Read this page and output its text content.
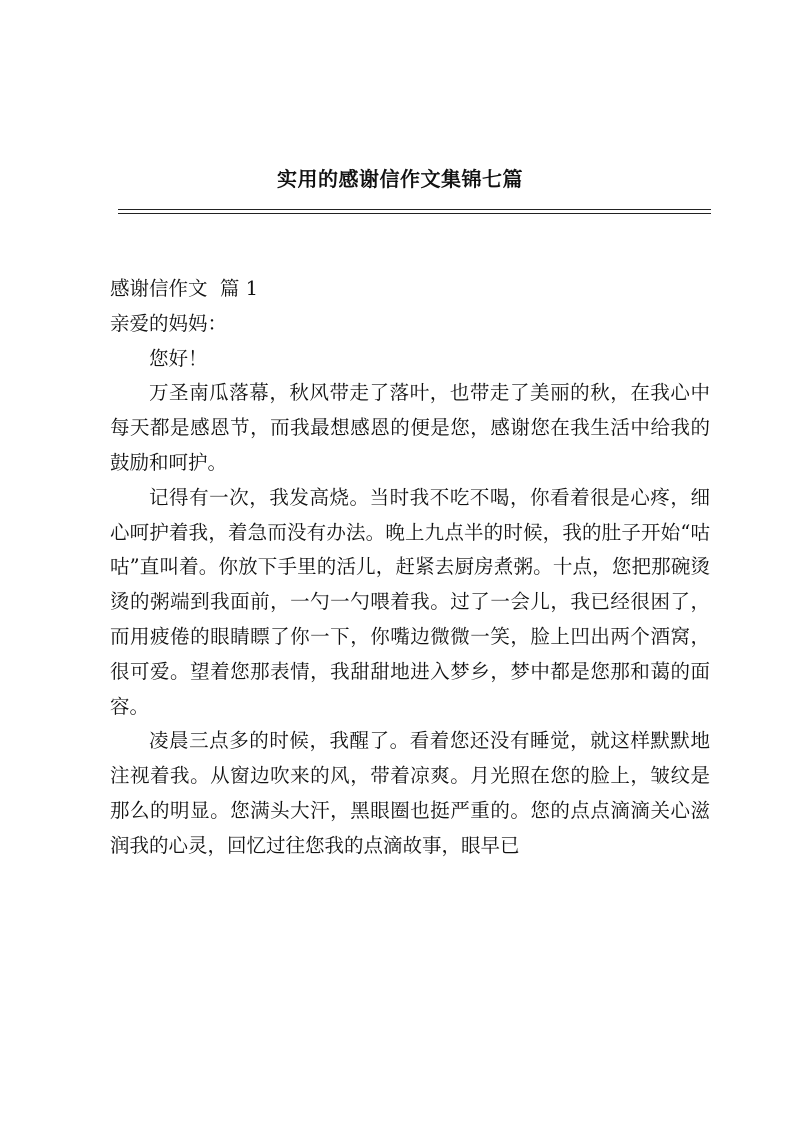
实用的感谢信作文集锦七篇

感谢信作文  篇 1

亲爱的妈妈：

您好！

万圣南瓜落幕，秋风带走了落叶，也带走了美丽的秋，在我心中每天都是感恩节，而我最想感恩的便是您，感谢您在我生活中给我的鼓励和呵护。

记得有一次，我发高烧。当时我不吃不喝，你看着很是心疼，细心呵护着我，着急而没有办法。晚上九点半的时候，我的肚子开始“咕咕”直叫着。你放下手里的活儿，赶紧去厨房煮粥。十点，您把那碗烫烫的粥端到我面前，一勺一勺喂着我。过了一会儿，我已经很困了，而用疲倦的眼睛瞟了你一下，你嘴边微微一笑，脸上凹出两个酒窝，很可爱。望着您那表情，我甜甜地进入梦乡，梦中都是您那和蔼的面容。

凌晨三点多的时候，我醒了。看着您还没有睡觉，就这样默默地注视着我。从窗边吹来的风，带着凉爽。月光照在您的脸上，皱纹是那么的明显。您满头大汗，黑眼圈也挺严重的。您的点点滴滴关心滋润我的心灵，回忆过往您我的点滴故事，眼早已
